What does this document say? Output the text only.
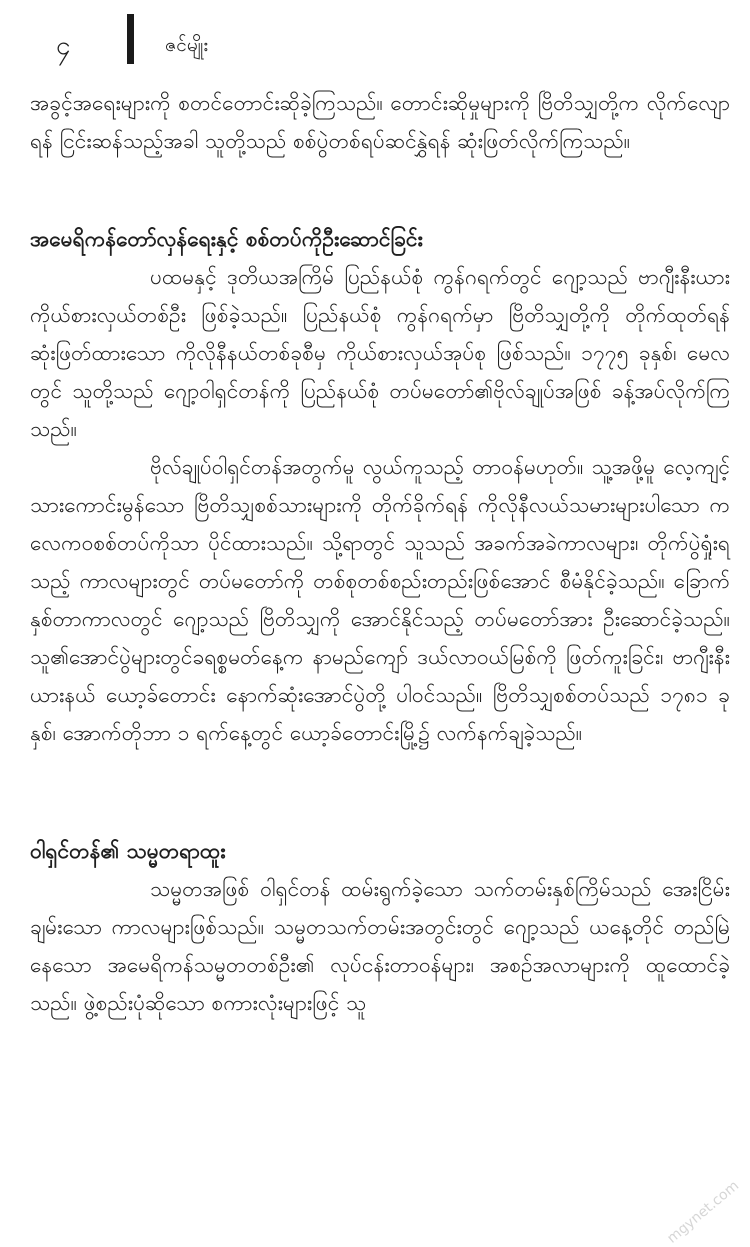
၄	ဇင်မျိုး

အခွင့်အရေးများကို စတင်တောင်းဆိုခဲ့ကြသည်။ တောင်းဆိုမှုများကို ဗြိတိသျှတို့က လိုက်လျောရန် ငြင်းဆန်သည့်အခါ သူတို့သည် စစ်ပွဲတစ်ရပ်ဆင်နွှဲရန် ဆုံးဖြတ်လိုက်ကြသည်။

အမေရိကန်တော်လှန်ရေးနှင့် စစ်တပ်ကိုဦးဆောင်ခြင်း

ပထမနှင့် ဒုတိယအကြိမ် ပြည်နယ်စုံ ကွန်ဂရက်တွင် ဂျော့သည် ဗာဂျီးနီးယားကိုယ်စားလှယ်တစ်ဦး ဖြစ်ခဲ့သည်။ ပြည်နယ်စုံ ကွန်ဂရက်မှာ ဗြိတိသျှတို့ကို တိုက်ထုတ်ရန် ဆုံးဖြတ်ထားသော ကိုလိုနီနယ်တစ်ခုစီမှ ကိုယ်စားလှယ်အုပ်စု ဖြစ်သည်။ ၁၇၇၅ ခုနှစ်၊ မေလတွင် သူတို့သည် ဂျော့ဝါရှင်တန်ကို ပြည်နယ်စုံ တပ်မတော်၏ဗိုလ်ချုပ်အဖြစ် ခန့်အပ်လိုက်ကြသည်။

ဗိုလ်ချုပ်ဝါရှင်တန်အတွက်မူ လွယ်ကူသည့် တာဝန်မဟုတ်။ သူ့အဖို့မူ လေ့ကျင့်သားကောင်းမွန်သော ဗြိတိသျှစစ်သားများကို တိုက်ခိုက်ရန် ကိုလိုနီလယ်သမားများပါသော ကလေကဝစစ်တပ်ကိုသာ ပိုင်ထားသည်။ သို့ရာတွင် သူသည် အခက်အခဲကာလများ၊ တိုက်ပွဲရှုံးရသည့် ကာလများတွင် တပ်မတော်ကို တစ်စုတစ်စည်းတည်းဖြစ်အောင် စီမံနိုင်ခဲ့သည်။ ခြောက်နှစ်တာကာလတွင် ဂျော့သည် ဗြိတိသျှကို အောင်နိုင်သည့် တပ်မတော်အား ဦးဆောင်ခဲ့သည်။ သူ၏အောင်ပွဲများတွင်ခရစ္စမတ်နေ့က နာမည်ကျော် ဒယ်လာဝယ်မြစ်ကို ဖြတ်ကူးခြင်း၊ ဗာဂျီးနီးယားနယ် ယော့ခ်တောင်း နောက်ဆုံးအောင်ပွဲတို့ ပါဝင်သည်။ ဗြိတိသျှစစ်တပ်သည် ၁၇၈၁ ခုနှစ်၊ အောက်တိုဘာ ၁ ရက်နေ့တွင် ယော့ခ်တောင်းမြို့၌ လက်နက်ချခဲ့သည်။

ဝါရှင်တန်၏ သမ္မတရာထူး

သမ္မတအဖြစ် ဝါရှင်တန် ထမ်းရွက်ခဲ့သော သက်တမ်းနှစ်ကြိမ်သည် အေးငြိမ်းချမ်းသော ကာလများဖြစ်သည်။ သမ္မတသက်တမ်းအတွင်းတွင် ဂျော့သည် ယနေ့တိုင် တည်မြဲနေသော အမေရိကန်သမ္မတတစ်ဦး၏ လုပ်ငန်းတာဝန်များ၊ အစဉ်အလာများကို ထူထောင်ခဲ့သည်။ ဖွဲ့စည်းပုံဆိုသော စကားလုံးများဖြင့် သူ

mgynet.com
